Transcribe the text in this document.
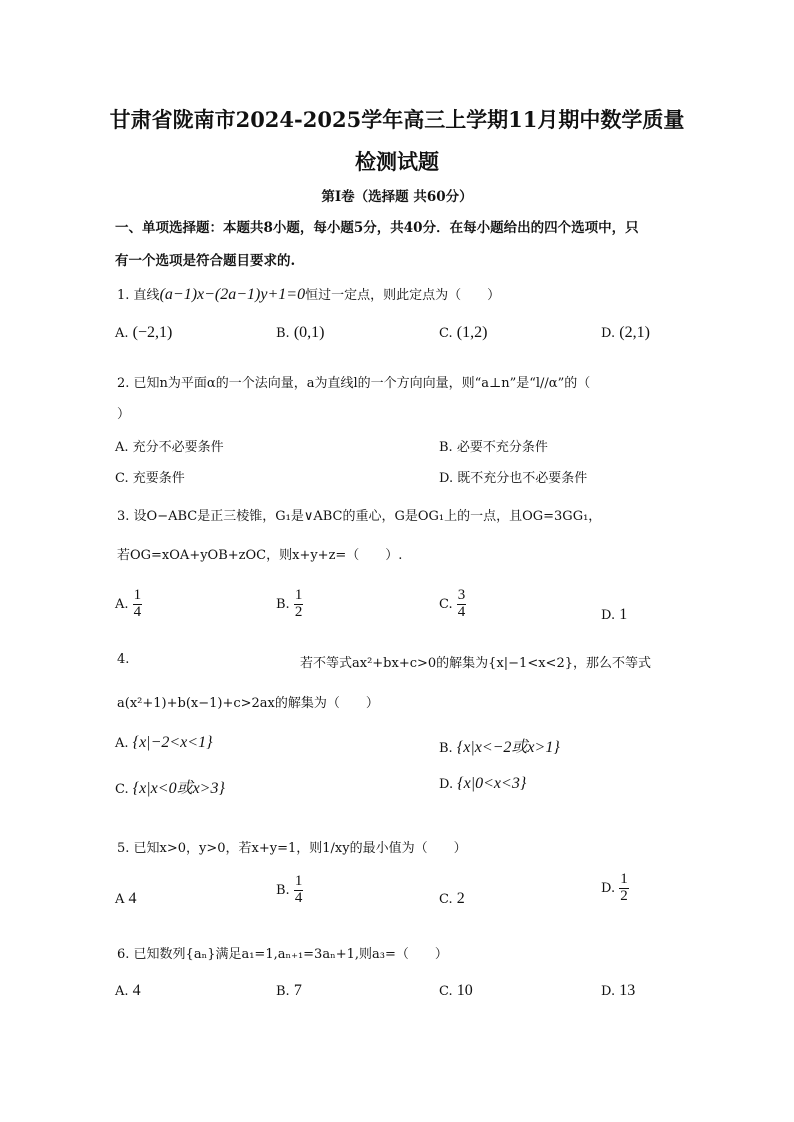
甘肃省陇南市2024-2025学年高三上学期11月期中数学质量
检测试题
第Ⅰ卷（选择题 共60分）
一、单项选择题：本题共8小题，每小题5分，共40分．在每小题给出的四个选项中，只
有一个选项是符合题目要求的.
1. 直线(a−1)x−(2a−1)y+1=0恒过一定点，则此定点为（　　）
A. (−2,1)	B. (0,1)	C. (1,2)	D. (2,1)
2. 已知n为平面α的一个法向量，a为直线l的一个方向向量，则“a⊥n”是“l//α”的（
）
A. 充分不必要条件	B. 必要不充分条件
C. 充要条件	D. 既不充分也不必要条件
3. 设O−ABC是正三棱锥，G₁是∨ABC的重心，G是OG₁上的一点，且OG=3GG₁，
若OG=xOA+yOB+zOC，则x+y+z=（　　）.
A. $\frac{1}{4}$	B. $\frac{1}{2}$	C. $\frac{3}{4}$	D. 1
4.	若不等式ax²+bx+c>0的解集为{x|−1<x<2}，那么不等式
a(x²+1)+b(x−1)+c>2ax的解集为（　　）
A. {x|−2<x<1}	B. {x|x<−2或x>1}
C. {x|x<0或x>3}	D. {x|0<x<3}
5. 已知x>0，y>0，若x+y=1，则1/xy的最小值为（　　）
A 4	B. $\frac{1}{4}$	C. 2
D. $\frac{1}{2}$
6. 已知数列{aₙ}满足a₁=1,aₙ₊₁=3aₙ+1,则a₃=（　　）
A. 4	B. 7	C. 10	D. 13
